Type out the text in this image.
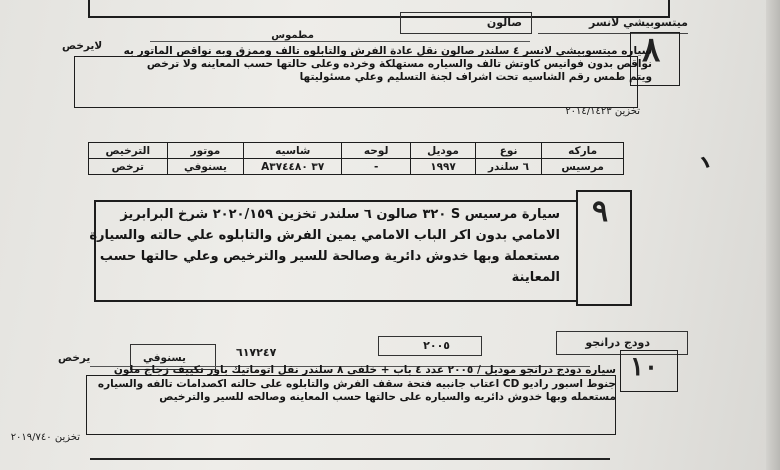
ميتسوبيشي لانسر
صالون
مطموس
لايرخص	٨
سياره ميتسوبيشي لانسر ٤ سلندر صالون نقل عادة الفرش والتابلوه تالف وممزق وبه نواقص الماتور به
نواقص بدون فوانيس كاوتش تالف والسياره مستهلكة وخرده وعلى حالتها حسب المعاينه ولا ترخص
ويتم طمس رقم الشاسيه تحت اشراف لجنة التسليم وعلي مسئوليتها
تخزين ٢٠١٤/١٤٢٣
ماركه	نوع	موديل	لوحه	شاسيه	موتور	الترخيص
مرسيس	٦ سلندر	١٩٩٧	-	٣٧ A٣٧٤٤٨٠	يسنوفي	ترخص	١
٩
سيارة مرسيس S ٣٢٠ صالون ٦ سلندر تخزين ٢٠٢٠/١٥٩ شرخ البرابريز
الامامي بدون اكر الباب الامامي يمين الفرش والتابلوه علي حالته والسيارة
مستعملة وبها خدوش دائرية وصالحة للسير والترخيص وعلي حالتها حسب
المعاينة
دودج درانجو
٢٠٠٥
يسنوفي
يرخص	٦١٧٢٤٧	١٠
سياره دودج درانجو موديل / ٢٠٠٥ عدد ٤ باب + خلفى ٨ سلندر نقل اتوماتيك باور تكييف زجاج ملون
جنوط اسبور راديو CD اعتاب جانبيه فتحة سقف الفرش والتابلوه على حالته اكصدامات تالفه والسياره
مستعمله وبها خدوش دائريه والسياره على حالتها حسب المعاينه وصالحه للسير والترخيص
تخزين ٢٠١٩/٧٤٠
